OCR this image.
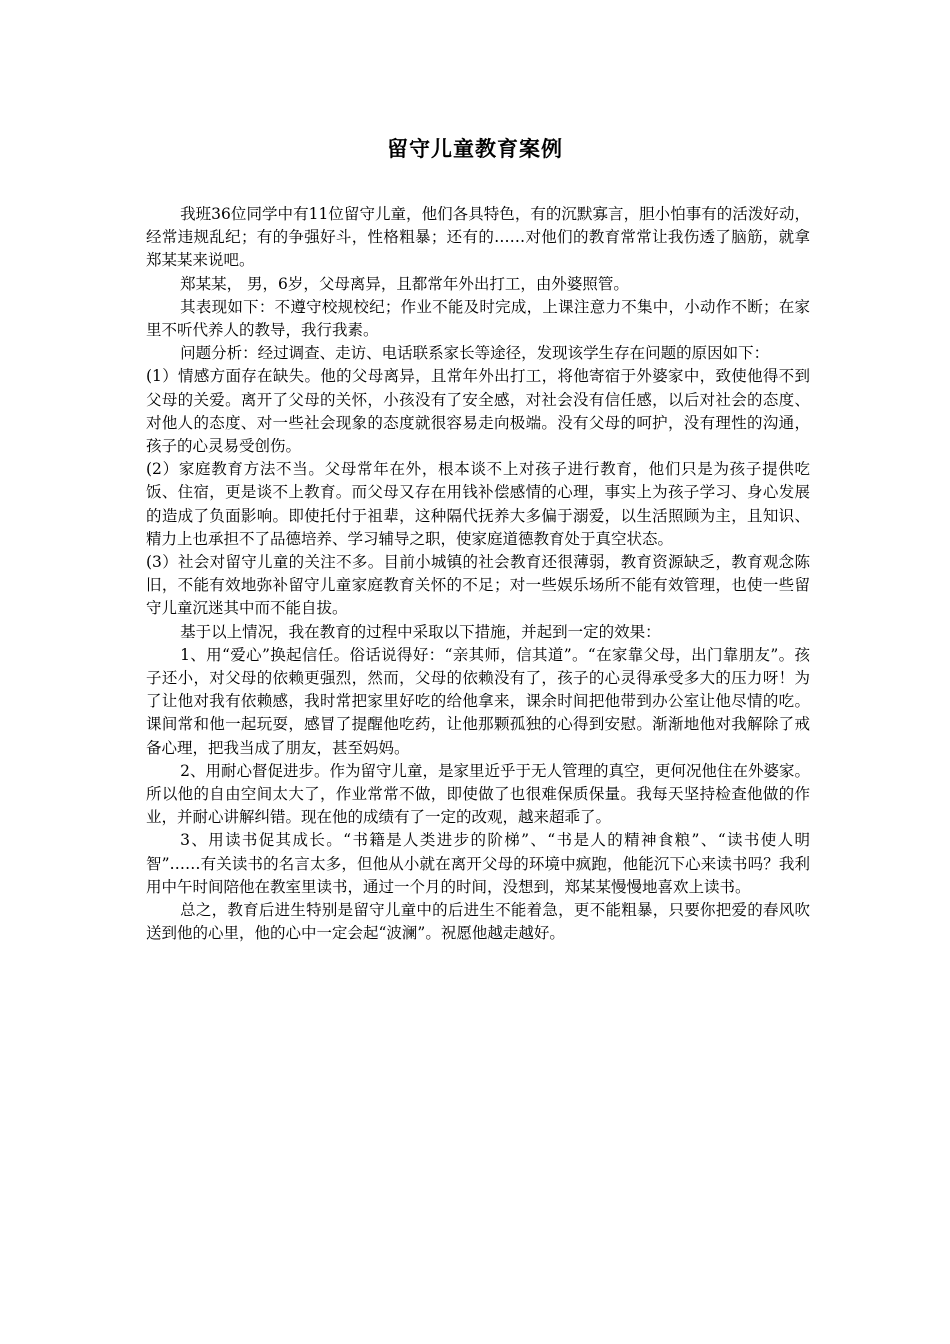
留守儿童教育案例

我班36位同学中有11位留守儿童，他们各具特色，有的沉默寡言，胆小怕事有的活泼好动，经常违规乱纪；有的争强好斗，性格粗暴；还有的……对他们的教育常常让我伤透了脑筋，就拿郑某某来说吧。

郑某某， 男，6岁，父母离异，且都常年外出打工，由外婆照管。

其表现如下：不遵守校规校纪；作业不能及时完成，上课注意力不集中，小动作不断；在家里不听代养人的教导，我行我素。

问题分析：经过调查、走访、电话联系家长等途径，发现该学生存在问题的原因如下：

(1）情感方面存在缺失。他的父母离异，且常年外出打工，将他寄宿于外婆家中，致使他得不到父母的关爱。离开了父母的关怀，小孩没有了安全感，对社会没有信任感，以后对社会的态度、对他人的态度、对一些社会现象的态度就很容易走向极端。没有父母的呵护，没有理性的沟通，孩子的心灵易受创伤。

(2）家庭教育方法不当。父母常年在外，根本谈不上对孩子进行教育，他们只是为孩子提供吃饭、住宿，更是谈不上教育。而父母又存在用钱补偿感情的心理，事实上为孩子学习、身心发展的造成了负面影响。即使托付于祖辈，这种隔代抚养大多偏于溺爱，以生活照顾为主，且知识、精力上也承担不了品德培养、学习辅导之职，使家庭道德教育处于真空状态。

(3）社会对留守儿童的关注不多。目前小城镇的社会教育还很薄弱，教育资源缺乏，教育观念陈旧，不能有效地弥补留守儿童家庭教育关怀的不足；对一些娱乐场所不能有效管理，也使一些留守儿童沉迷其中而不能自拔。

基于以上情况，我在教育的过程中采取以下措施，并起到一定的效果：

1、用“爱心”换起信任。俗话说得好：“亲其师，信其道”。“在家靠父母，出门靠朋友”。孩子还小，对父母的依赖更强烈，然而，父母的依赖没有了，孩子的心灵得承受多大的压力呀！为了让他对我有依赖感，我时常把家里好吃的给他拿来，课余时间把他带到办公室让他尽情的吃。课间常和他一起玩耍，感冒了提醒他吃药，让他那颗孤独的心得到安慰。渐渐地他对我解除了戒备心理，把我当成了朋友，甚至妈妈。

2、用耐心督促进步。作为留守儿童，是家里近乎于无人管理的真空，更何况他住在外婆家。所以他的自由空间太大了，作业常常不做，即使做了也很难保质保量。我每天坚持检查他做的作业，并耐心讲解纠错。现在他的成绩有了一定的改观，越来超乖了。

3、用读书促其成长。“书籍是人类进步的阶梯”、“书是人的精神食粮”、“读书使人明智”……有关读书的名言太多，但他从小就在离开父母的环境中疯跑，他能沉下心来读书吗？我利用中午时间陪他在教室里读书，通过一个月的时间，没想到，郑某某慢慢地喜欢上读书。

总之，教育后进生特别是留守儿童中的后进生不能着急，更不能粗暴，只要你把爱的春风吹送到他的心里，他的心中一定会起“波澜”。祝愿他越走越好。
